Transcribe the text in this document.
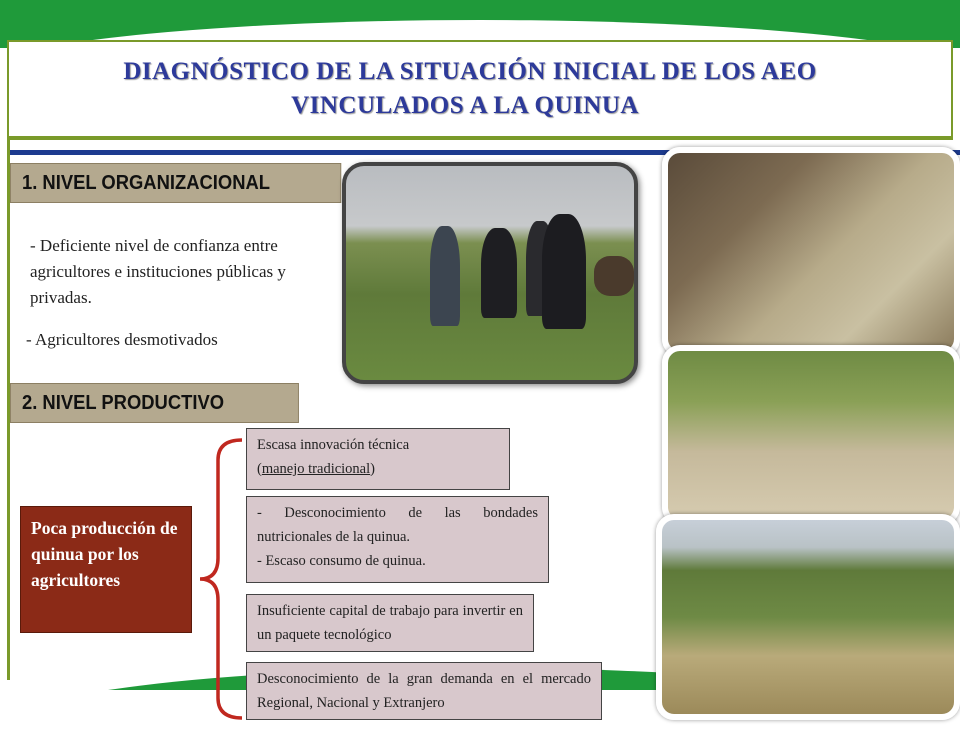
DIAGNÓSTICO DE LA SITUACIÓN INICIAL DE LOS AEO
VINCULADOS A LA QUINUA
1. NIVEL ORGANIZACIONAL
- Deficiente nivel de confianza entre agricultores e instituciones públicas y privadas.
- Agricultores desmotivados
2. NIVEL PRODUCTIVO
Poca producción de quinua por los agricultores
Escasa innovación técnica
(manejo tradicional)
- Desconocimiento de las bondades nutricionales de la quinua.
- Escaso consumo de quinua.
Insuficiente capital de trabajo para invertir en un paquete tecnológico
Desconocimiento de la gran demanda en el mercado Regional, Nacional y Extranjero
